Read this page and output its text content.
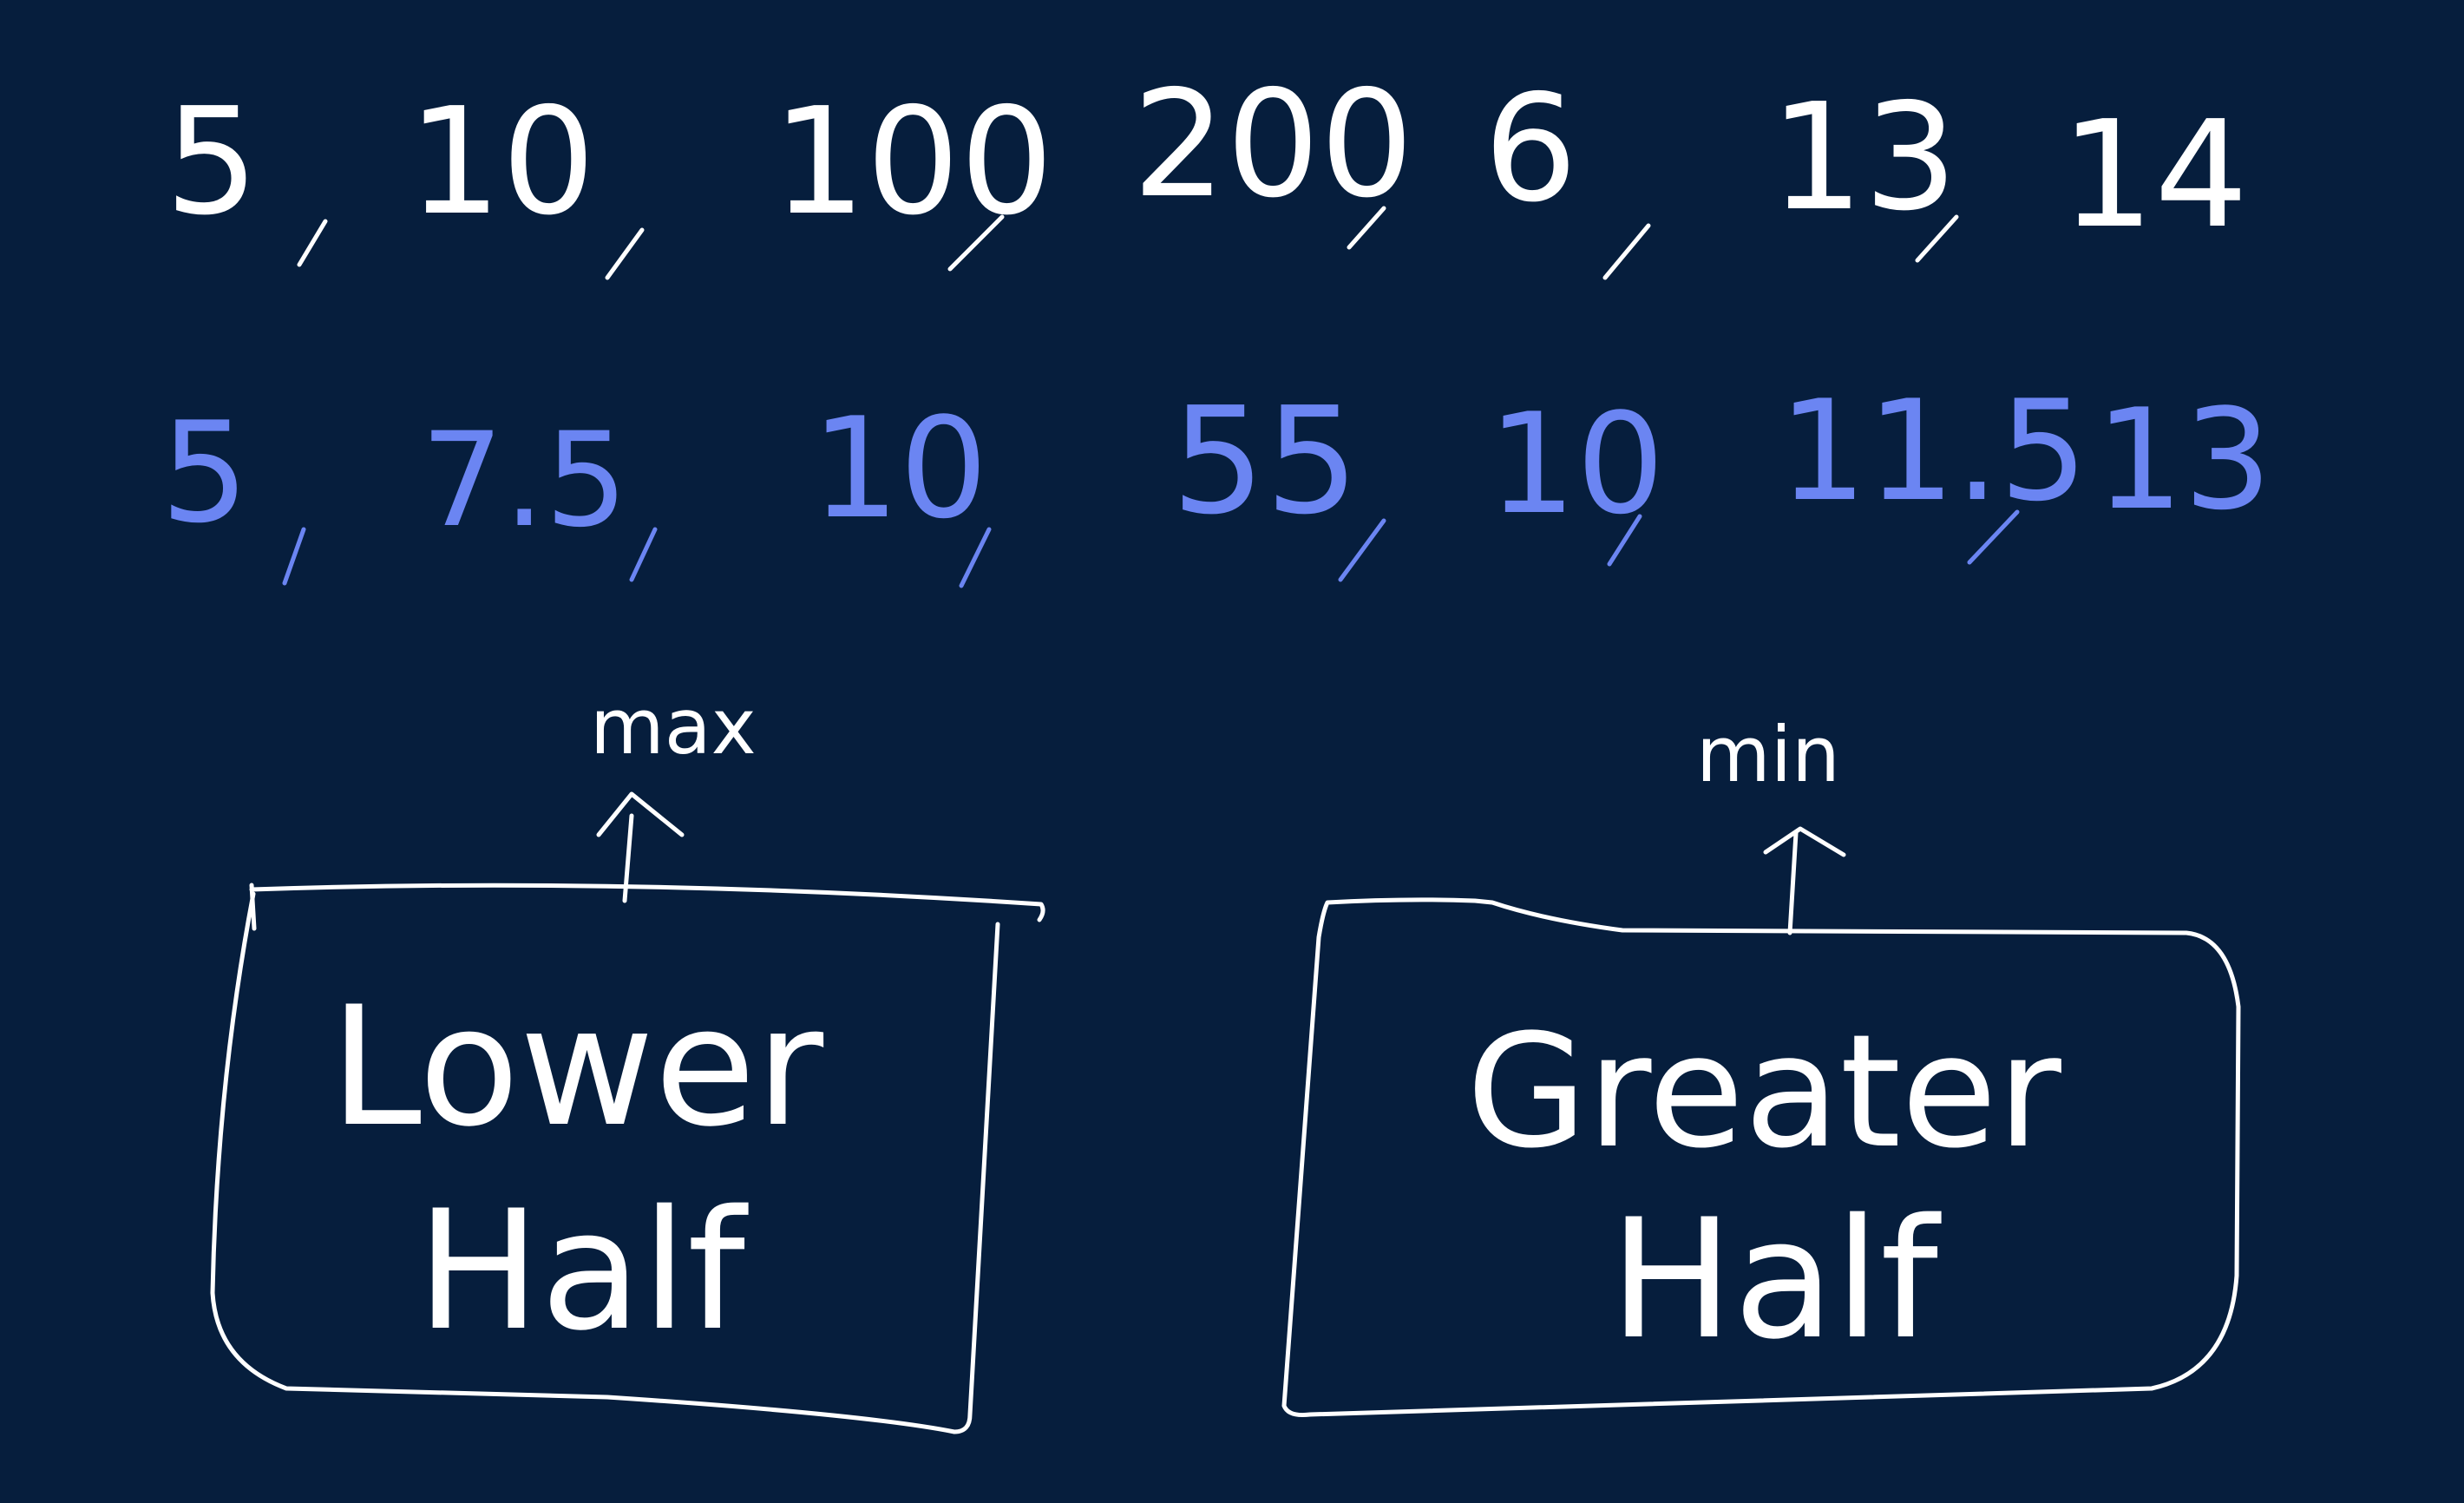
5 10 100 200 6 13 14
5 7.5 10 55 10 11.5 13
max
Lower
Half
min
Greater
Half
